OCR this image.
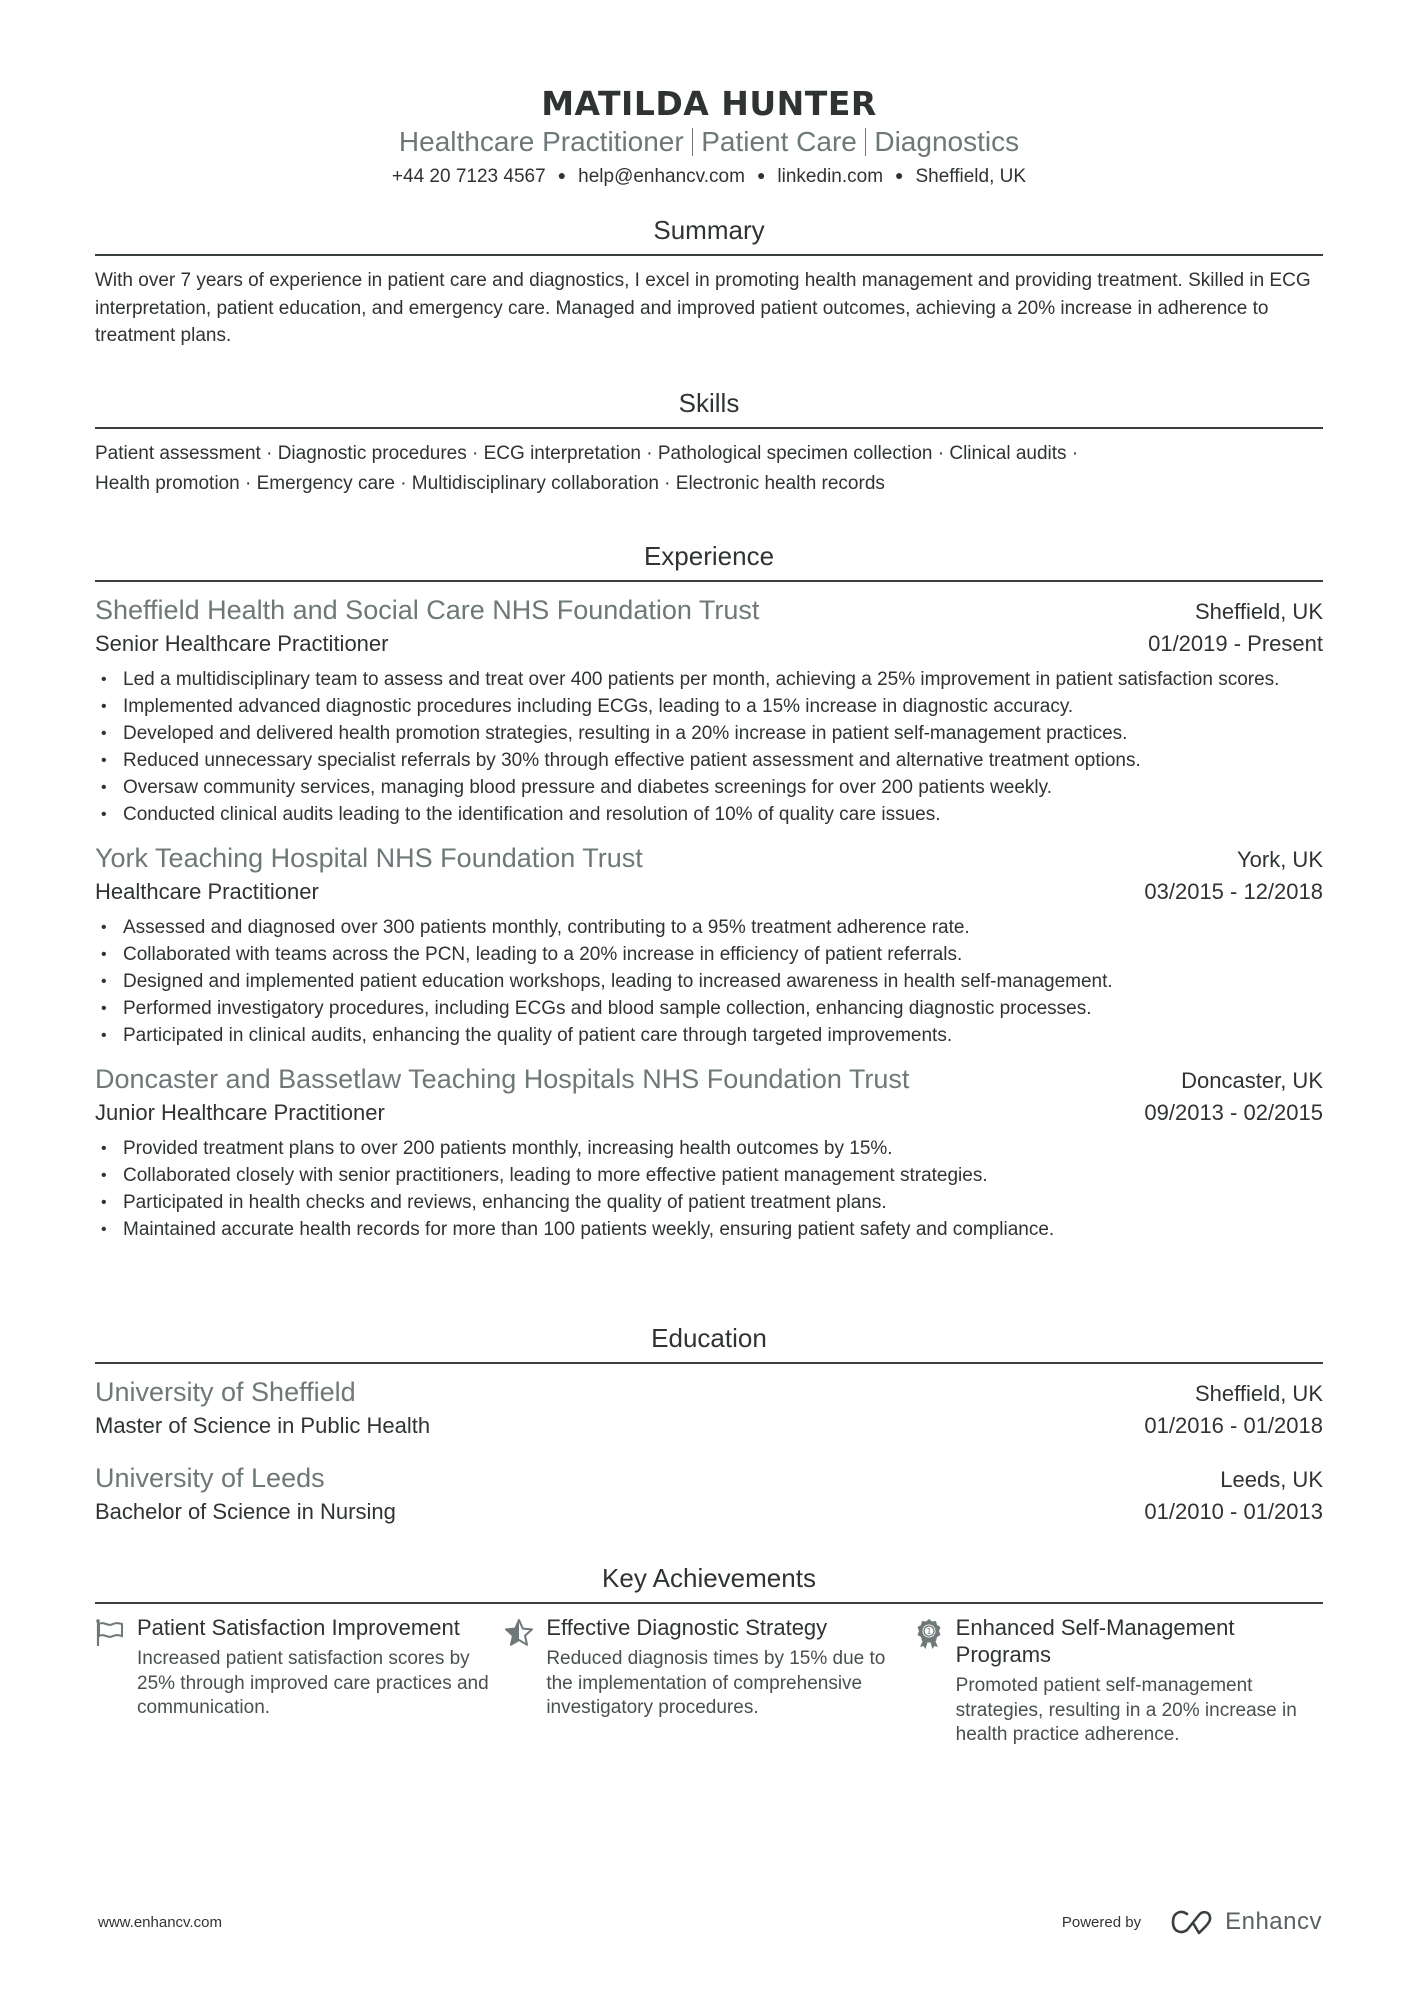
MATILDA HUNTER
Healthcare Practitioner Patient Care Diagnostics
+44 20 7123 4567 ● help@enhancv.com ● linkedin.com ● Sheffield, UK
Summary
With over 7 years of experience in patient care and diagnostics, I excel in promoting health management and providing treatment. Skilled in ECG interpretation, patient education, and emergency care. Managed and improved patient outcomes, achieving a 20% increase in adherence to treatment plans.
Skills
Patient assessment · Diagnostic procedures · ECG interpretation · Pathological specimen collection · Clinical audits ·
Health promotion · Emergency care · Multidisciplinary collaboration · Electronic health records
Experience
Sheffield Health and Social Care NHS Foundation Trust	Sheffield, UK
Senior Healthcare Practitioner	01/2019 - Present
• Led a multidisciplinary team to assess and treat over 400 patients per month, achieving a 25% improvement in patient satisfaction scores.
• Implemented advanced diagnostic procedures including ECGs, leading to a 15% increase in diagnostic accuracy.
• Developed and delivered health promotion strategies, resulting in a 20% increase in patient self-management practices.
• Reduced unnecessary specialist referrals by 30% through effective patient assessment and alternative treatment options.
• Oversaw community services, managing blood pressure and diabetes screenings for over 200 patients weekly.
• Conducted clinical audits leading to the identification and resolution of 10% of quality care issues.
York Teaching Hospital NHS Foundation Trust	York, UK
Healthcare Practitioner	03/2015 - 12/2018
• Assessed and diagnosed over 300 patients monthly, contributing to a 95% treatment adherence rate.
• Collaborated with teams across the PCN, leading to a 20% increase in efficiency of patient referrals.
• Designed and implemented patient education workshops, leading to increased awareness in health self-management.
• Performed investigatory procedures, including ECGs and blood sample collection, enhancing diagnostic processes.
• Participated in clinical audits, enhancing the quality of patient care through targeted improvements.
Doncaster and Bassetlaw Teaching Hospitals NHS Foundation Trust	Doncaster, UK
Junior Healthcare Practitioner	09/2013 - 02/2015
• Provided treatment plans to over 200 patients monthly, increasing health outcomes by 15%.
• Collaborated closely with senior practitioners, leading to more effective patient management strategies.
• Participated in health checks and reviews, enhancing the quality of patient treatment plans.
• Maintained accurate health records for more than 100 patients weekly, ensuring patient safety and compliance.
Education
University of Sheffield	Sheffield, UK
Master of Science in Public Health	01/2016 - 01/2018
University of Leeds	Leeds, UK
Bachelor of Science in Nursing	01/2010 - 01/2013
Key Achievements
Patient Satisfaction Improvement
Increased patient satisfaction scores by 25% through improved care practices and communication.
Effective Diagnostic Strategy
Reduced diagnosis times by 15% due to the implementation of comprehensive investigatory procedures.
1 Enhanced Self-Management Programs
Promoted patient self-management strategies, resulting in a 20% increase in health practice adherence.
www.enhancv.com	Powered by	Enhancv
